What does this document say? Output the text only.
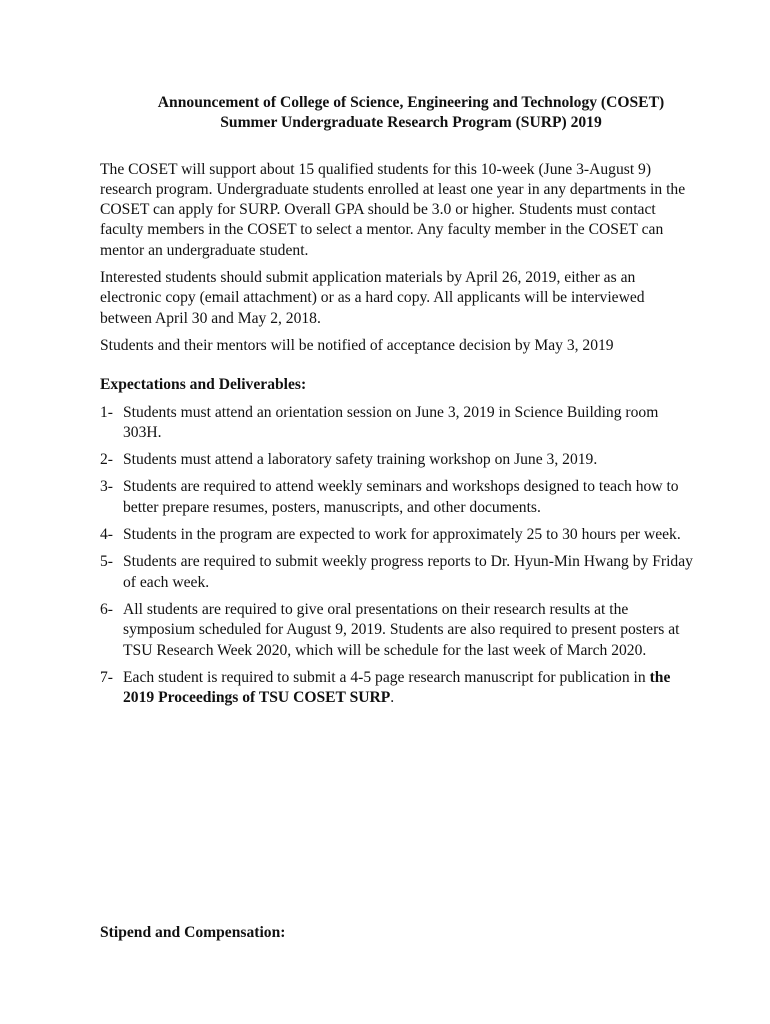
Announcement of College of Science, Engineering and Technology (COSET)
Summer Undergraduate Research Program (SURP) 2019

The COSET will support about 15 qualified students for this 10-week (June 3-August 9) research program. Undergraduate students enrolled at least one year in any departments in the COSET can apply for SURP. Overall GPA should be 3.0 or higher. Students must contact faculty members in the COSET to select a mentor. Any faculty member in the COSET can mentor an undergraduate student.

Interested students should submit application materials by April 26, 2019, either as an electronic copy (email attachment) or as a hard copy. All applicants will be interviewed between April 30 and May 2, 2018.

Students and their mentors will be notified of acceptance decision by May 3, 2019

Expectations and Deliverables:
1- Students must attend an orientation session on June 3, 2019 in Science Building room 303H.
2- Students must attend a laboratory safety training workshop on June 3, 2019.
3- Students are required to attend weekly seminars and workshops designed to teach how to better prepare resumes, posters, manuscripts, and other documents.
4- Students in the program are expected to work for approximately 25 to 30 hours per week.
5- Students are required to submit weekly progress reports to Dr. Hyun-Min Hwang by Friday of each week.
6- All students are required to give oral presentations on their research results at the symposium scheduled for August 9, 2019. Students are also required to present posters at TSU Research Week 2020, which will be schedule for the last week of March 2020.
7- Each student is required to submit a 4-5 page research manuscript for publication in the 2019 Proceedings of TSU COSET SURP.
Stipend and Compensation:
